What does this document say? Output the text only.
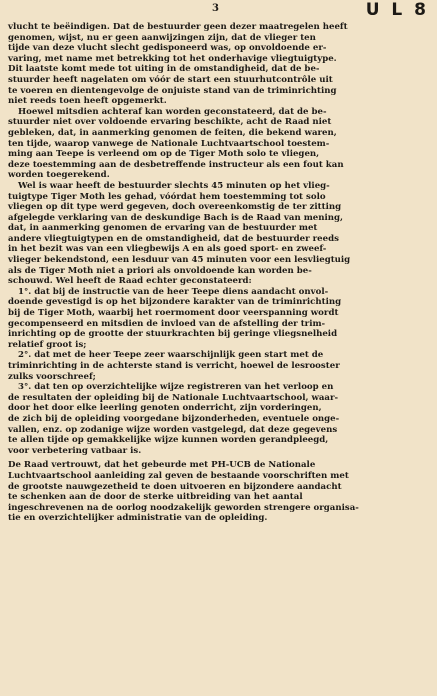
3	U L 8

vlucht te beëindigen. Dat de bestuurder geen dezer maatregelen heeft
genomen, wijst, nu er geen aanwijzingen zijn, dat de vlieger ten
tijde van deze vlucht slecht gedisponeerd was, op onvoldoende er-
varing, met name met betrekking tot het onderhavige vliegtuigtype.
Dit laatste komt mede tot uiting in de omstandigheid, dat de be-
stuurder heeft nagelaten om vóór de start een stuurhutcontrôle uit
te voeren en dientengevolge de onjuiste stand van de triminrichting
niet reeds toen heeft opgemerkt.

Hoewel mitsdien achteraf kan worden geconstateerd, dat de be-
stuurder niet over voldoende ervaring beschikte, acht de Raad niet
gebleken, dat, in aanmerking genomen de feiten, die bekend waren,
ten tijde, waarop vanwege de Nationale Luchtvaartschool toestem-
ming aan Teepe is verleend om op de Tiger Moth solo te vliegen,
deze toestemming aan de desbetreffende instructeur als een fout kan
worden toegerekend.

Wel is waar heeft de bestuurder slechts 45 minuten op het vlieg-
tuigtype Tiger Moth les gehad, vóórdat hem toestemming tot solo
vliegen op dit type werd gegeven, doch overeenkomstig de ter zitting
afgelegde verklaring van de deskundige Bach is de Raad van mening,
dat, in aanmerking genomen de ervaring van de bestuurder met
andere vliegtuigtypen en de omstandigheid, dat de bestuurder reeds
in het bezit was van een vliegbewijs A en als goed sport- en zweef-
vlieger bekendstond, een lesduur van 45 minuten voor een lesvliegtuig
als de Tiger Moth niet a priori als onvoldoende kan worden be-
schouwd. Wel heeft de Raad echter geconstateerd:

1°. dat bij de instructie van de heer Teepe diens aandacht onvol-
doende gevestigd is op het bijzondere karakter van de triminrichting
bij de Tiger Moth, waarbij het roermoment door veerspanning wordt
gecompenseerd en mitsdien de invloed van de afstelling der trim-
inrichting op de grootte der stuurkrachten bij geringe vliegsnelheid
relatief groot is;

2°. dat met de heer Teepe zeer waarschijnlijk geen start met de
triminrichting in de achterste stand is verricht, hoewel de lesrooster
zulks voorschreef;

3°. dat ten op overzichtelijke wijze registreren van het verloop en
de resultaten der opleiding bij de Nationale Luchtvaartschool, waar-
door het door elke leerling genoten onderricht, zijn vorderingen,
de zich bij de opleiding voorgedane bijzonderheden, eventuele onge-
vallen, enz. op zodanige wijze worden vastgelegd, dat deze gegevens
te allen tijde op gemakkelijke wijze kunnen worden gerandpleegd,
voor verbetering vatbaar is.

De Raad vertrouwt, dat het gebeurde met PH-UCB de Nationale
Luchtvaartschool aanleiding zal geven de bestaande voorschriften met
de grootste nauwgezetheid te doen uitvoeren en bijzondere aandacht
te schenken aan de door de sterke uitbreiding van het aantal
ingeschrevenen na de oorlog noodzakelijk geworden strengere organisa-
tie en overzichtelijker administratie van de opleiding.
